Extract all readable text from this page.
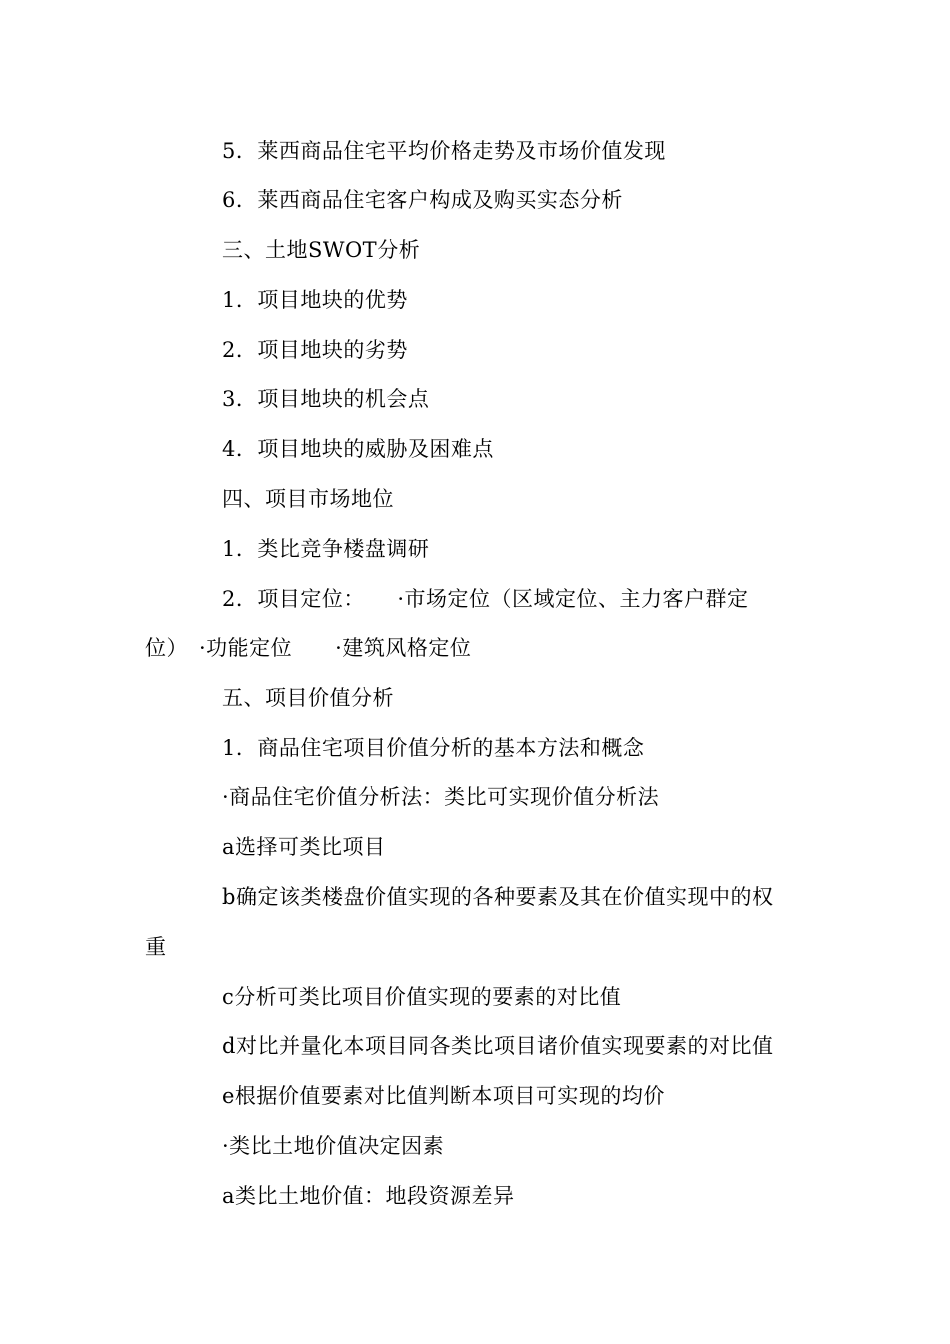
5．莱西商品住宅平均价格走势及市场价值发现
6．莱西商品住宅客户构成及购买实态分析
三、土地SWOT分析
1．项目地块的优势
2．项目地块的劣势
3．项目地块的机会点
4．项目地块的威胁及困难点
四、项目市场地位
1．类比竞争楼盘调研
2．项目定位：　　·市场定位（区域定位、主力客户群定
位）　·功能定位　　·建筑风格定位
五、项目价值分析
1．商品住宅项目价值分析的基本方法和概念
·商品住宅价值分析法：类比可实现价值分析法
a选择可类比项目
b确定该类楼盘价值实现的各种要素及其在价值实现中的权
重
c分析可类比项目价值实现的要素的对比值
d对比并量化本项目同各类比项目诸价值实现要素的对比值
e根据价值要素对比值判断本项目可实现的均价
·类比土地价值决定因素
a类比土地价值：地段资源差异
